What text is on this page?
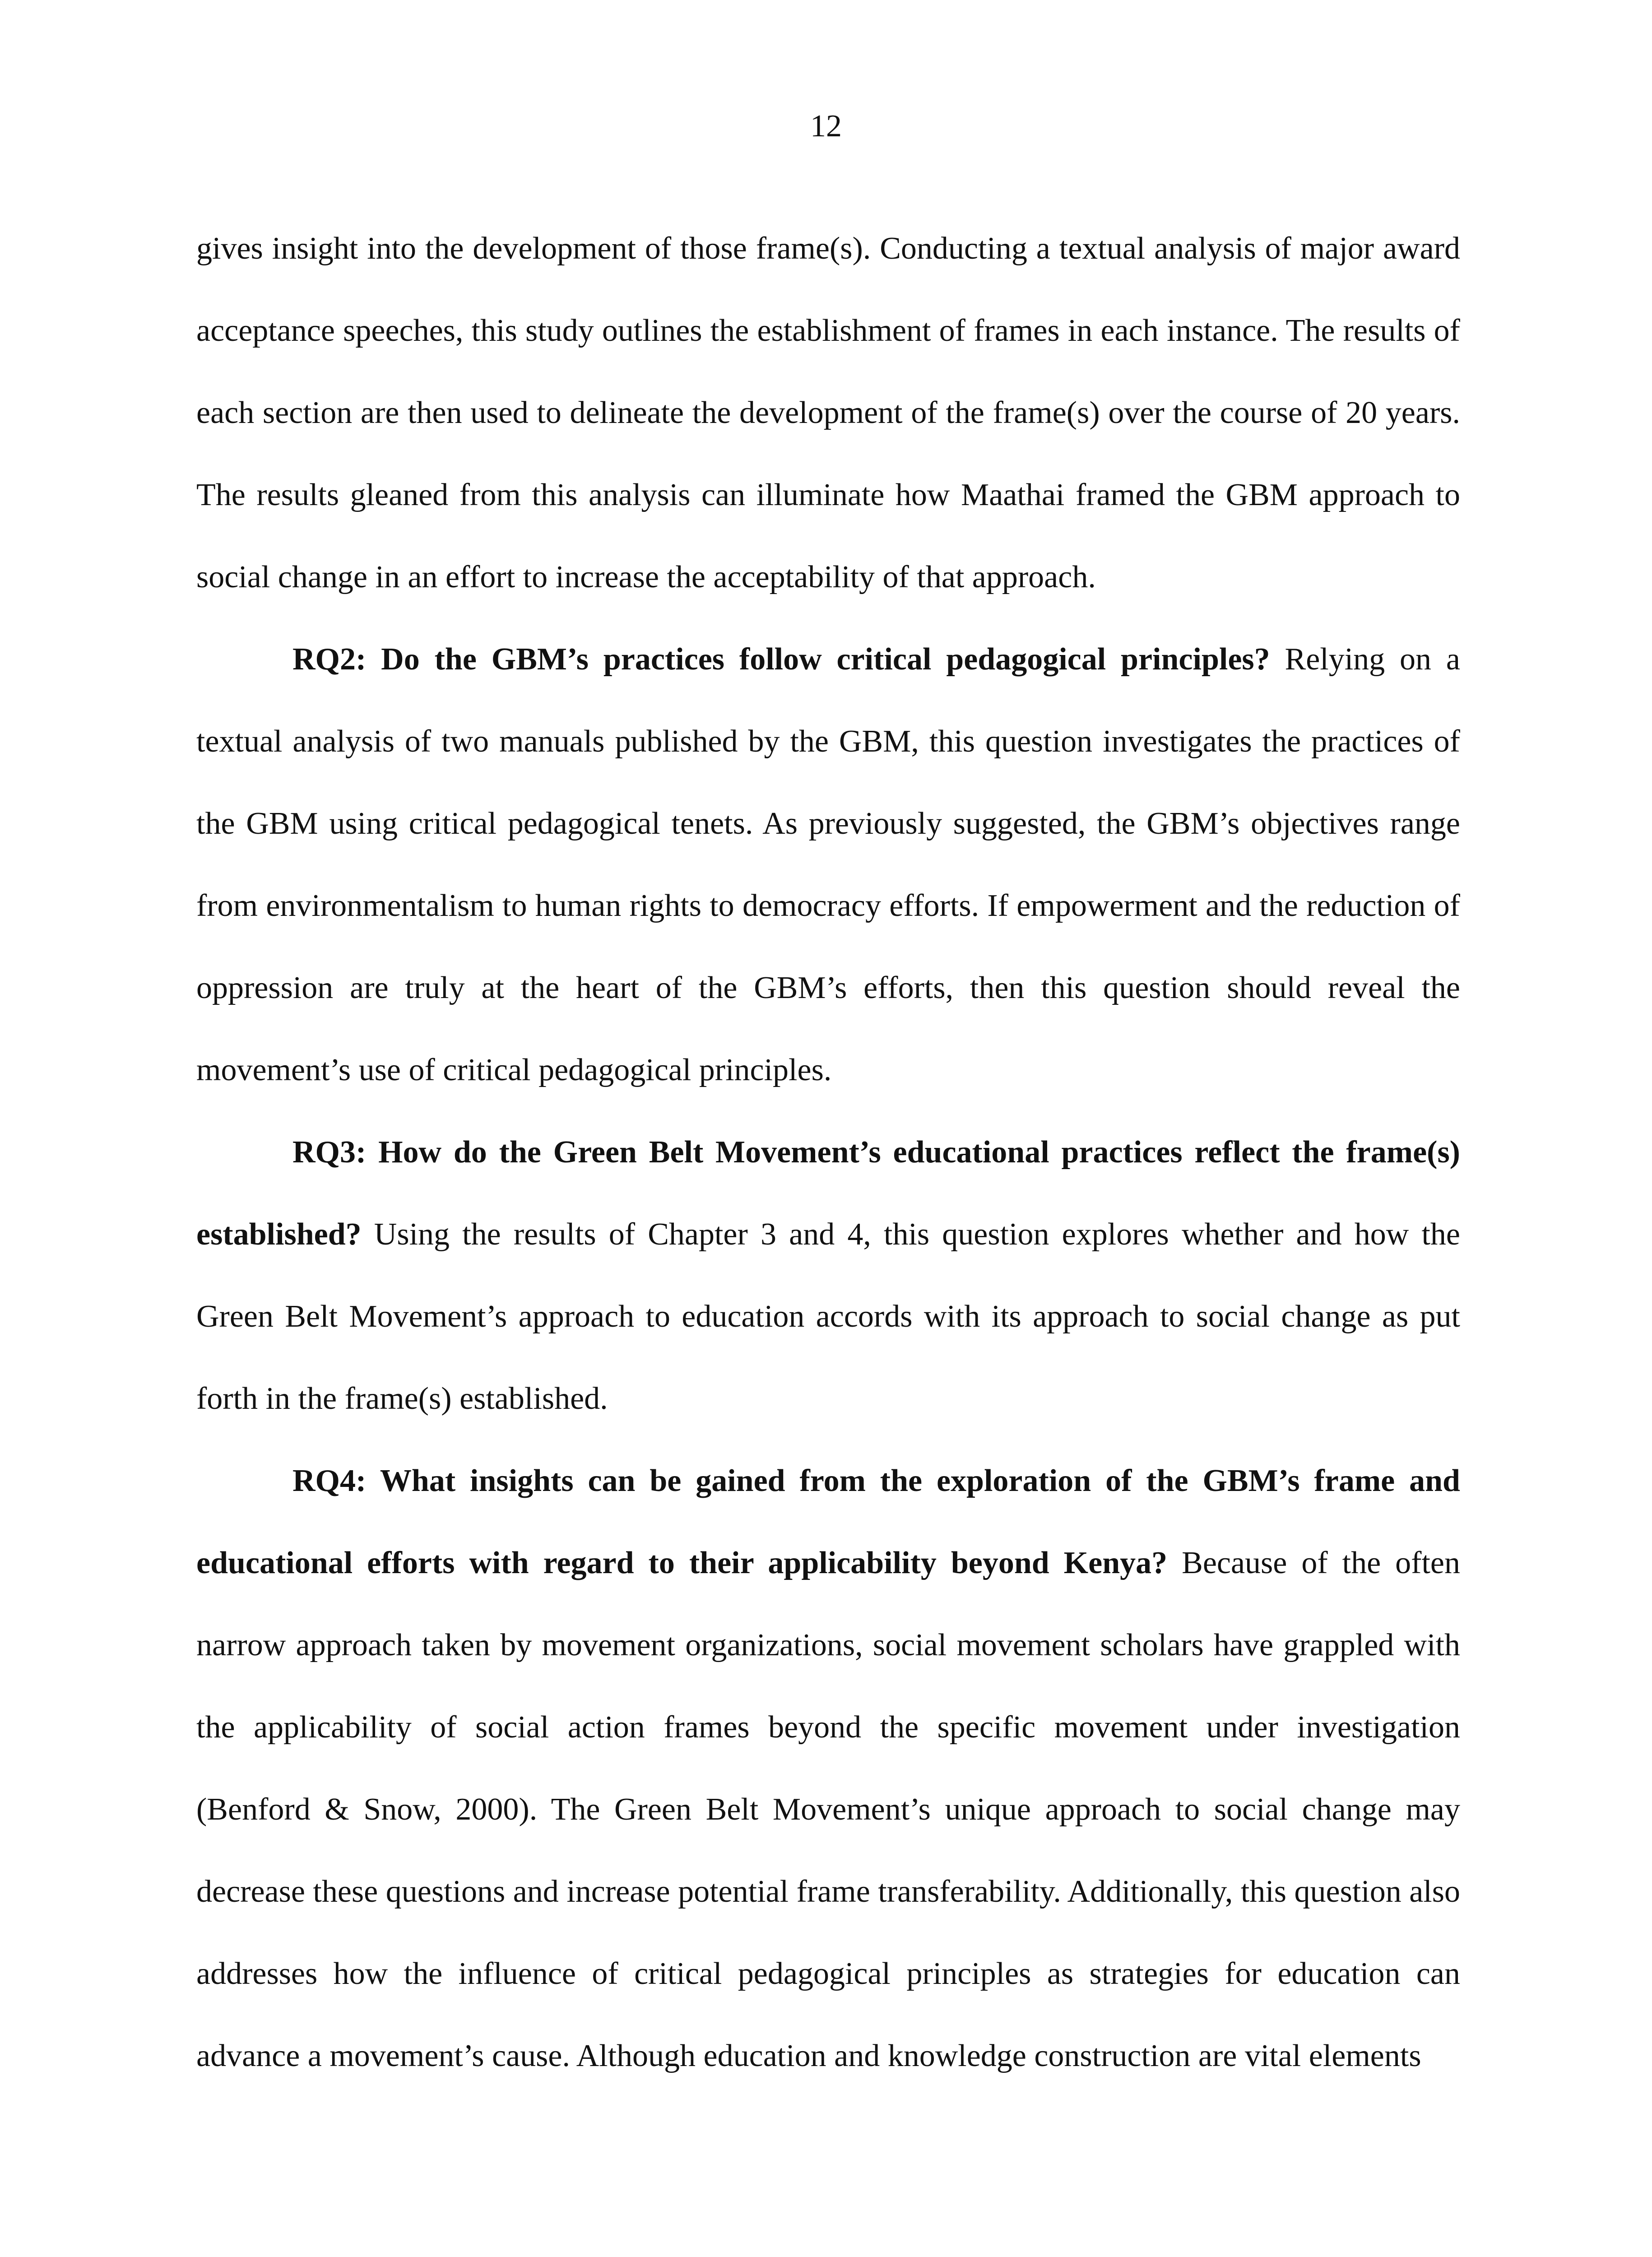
12

gives insight into the development of those frame(s). Conducting a textual analysis of major award acceptance speeches, this study outlines the establishment of frames in each instance. The results of each section are then used to delineate the development of the frame(s) over the course of 20 years. The results gleaned from this analysis can illuminate how Maathai framed the GBM approach to social change in an effort to increase the acceptability of that approach.

RQ2: Do the GBM’s practices follow critical pedagogical principles? Relying on a textual analysis of two manuals published by the GBM, this question investigates the practices of the GBM using critical pedagogical tenets. As previously suggested, the GBM’s objectives range from environmentalism to human rights to democracy efforts. If empowerment and the reduction of oppression are truly at the heart of the GBM’s efforts, then this question should reveal the movement’s use of critical pedagogical principles.

RQ3: How do the Green Belt Movement’s educational practices reflect the frame(s) established? Using the results of Chapter 3 and 4, this question explores whether and how the Green Belt Movement’s approach to education accords with its approach to social change as put forth in the frame(s) established.

RQ4: What insights can be gained from the exploration of the GBM’s frame and educational efforts with regard to their applicability beyond Kenya? Because of the often narrow approach taken by movement organizations, social movement scholars have grappled with the applicability of social action frames beyond the specific movement under investigation (Benford & Snow, 2000). The Green Belt Movement’s unique approach to social change may decrease these questions and increase potential frame transferability. Additionally, this question also addresses how the influence of critical pedagogical principles as strategies for education can advance a movement’s cause. Although education and knowledge construction are vital elements
